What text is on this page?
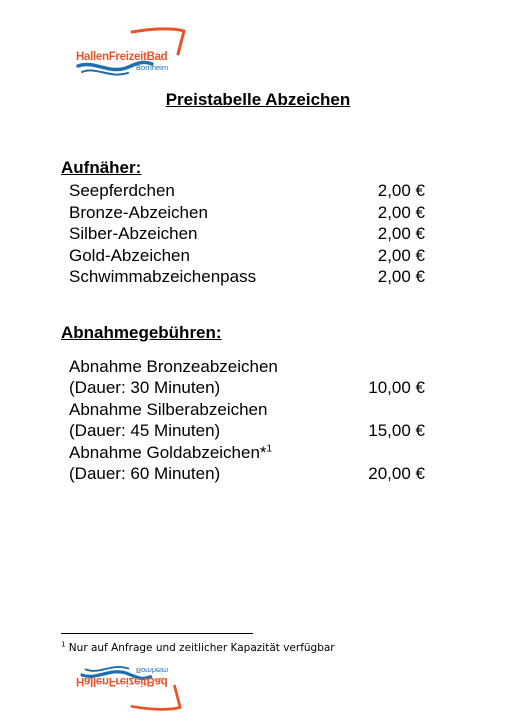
HallenFreizeitBad
Bornheim
Preistabelle Abzeichen
Aufnäher:
Seepferdchen	2,00 €
Bronze-Abzeichen	2,00 €
Silber-Abzeichen	2,00 €
Gold-Abzeichen	2,00 €
Schwimmabzeichenpass	2,00 €
Abnahmegebühren:
Abnahme Bronzeabzeichen
(Dauer: 30 Minuten)	10,00 €
Abnahme Silberabzeichen
(Dauer: 45 Minuten)	15,00 €
Abnahme Goldabzeichen*$^1$
(Dauer: 60 Minuten)	20,00 €
$^1$ Nur auf Anfrage und zeitlicher Kapazität verfügbar
HallenFreizeitBad
Bornheim
